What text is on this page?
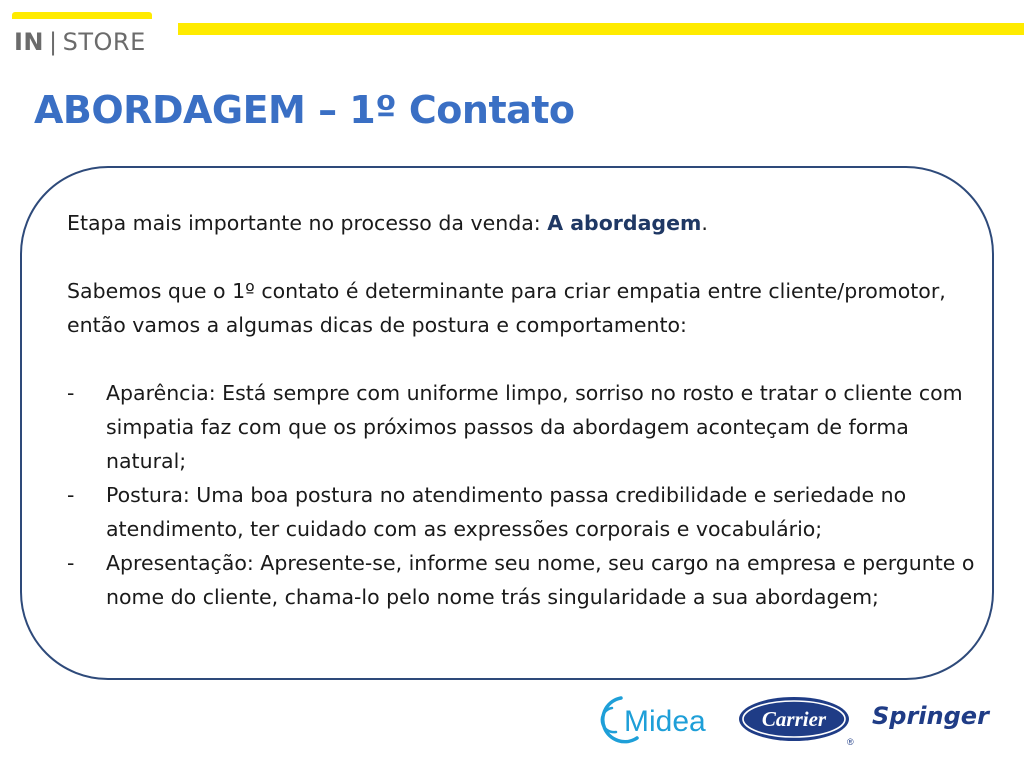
IN | STORE
ABORDAGEM – 1º Contato

Etapa mais importante no processo da venda: A abordagem.

Sabemos que o 1º contato é determinante para criar empatia entre cliente/promotor, então vamos a algumas dicas de postura e comportamento:

- Aparência: Está sempre com uniforme limpo, sorriso no rosto e tratar o cliente com simpatia faz com que os próximos passos da abordagem aconteçam de forma natural;
- Postura: Uma boa postura no atendimento passa credibilidade e seriedade no atendimento, ter cuidado com as expressões corporais e vocabulário;
- Apresentação: Apresente-se, informe seu nome, seu cargo na empresa e pergunte o nome do cliente, chama-lo pelo nome trás singularidade a sua abordagem;
Midea	Carrier
®
Springer
